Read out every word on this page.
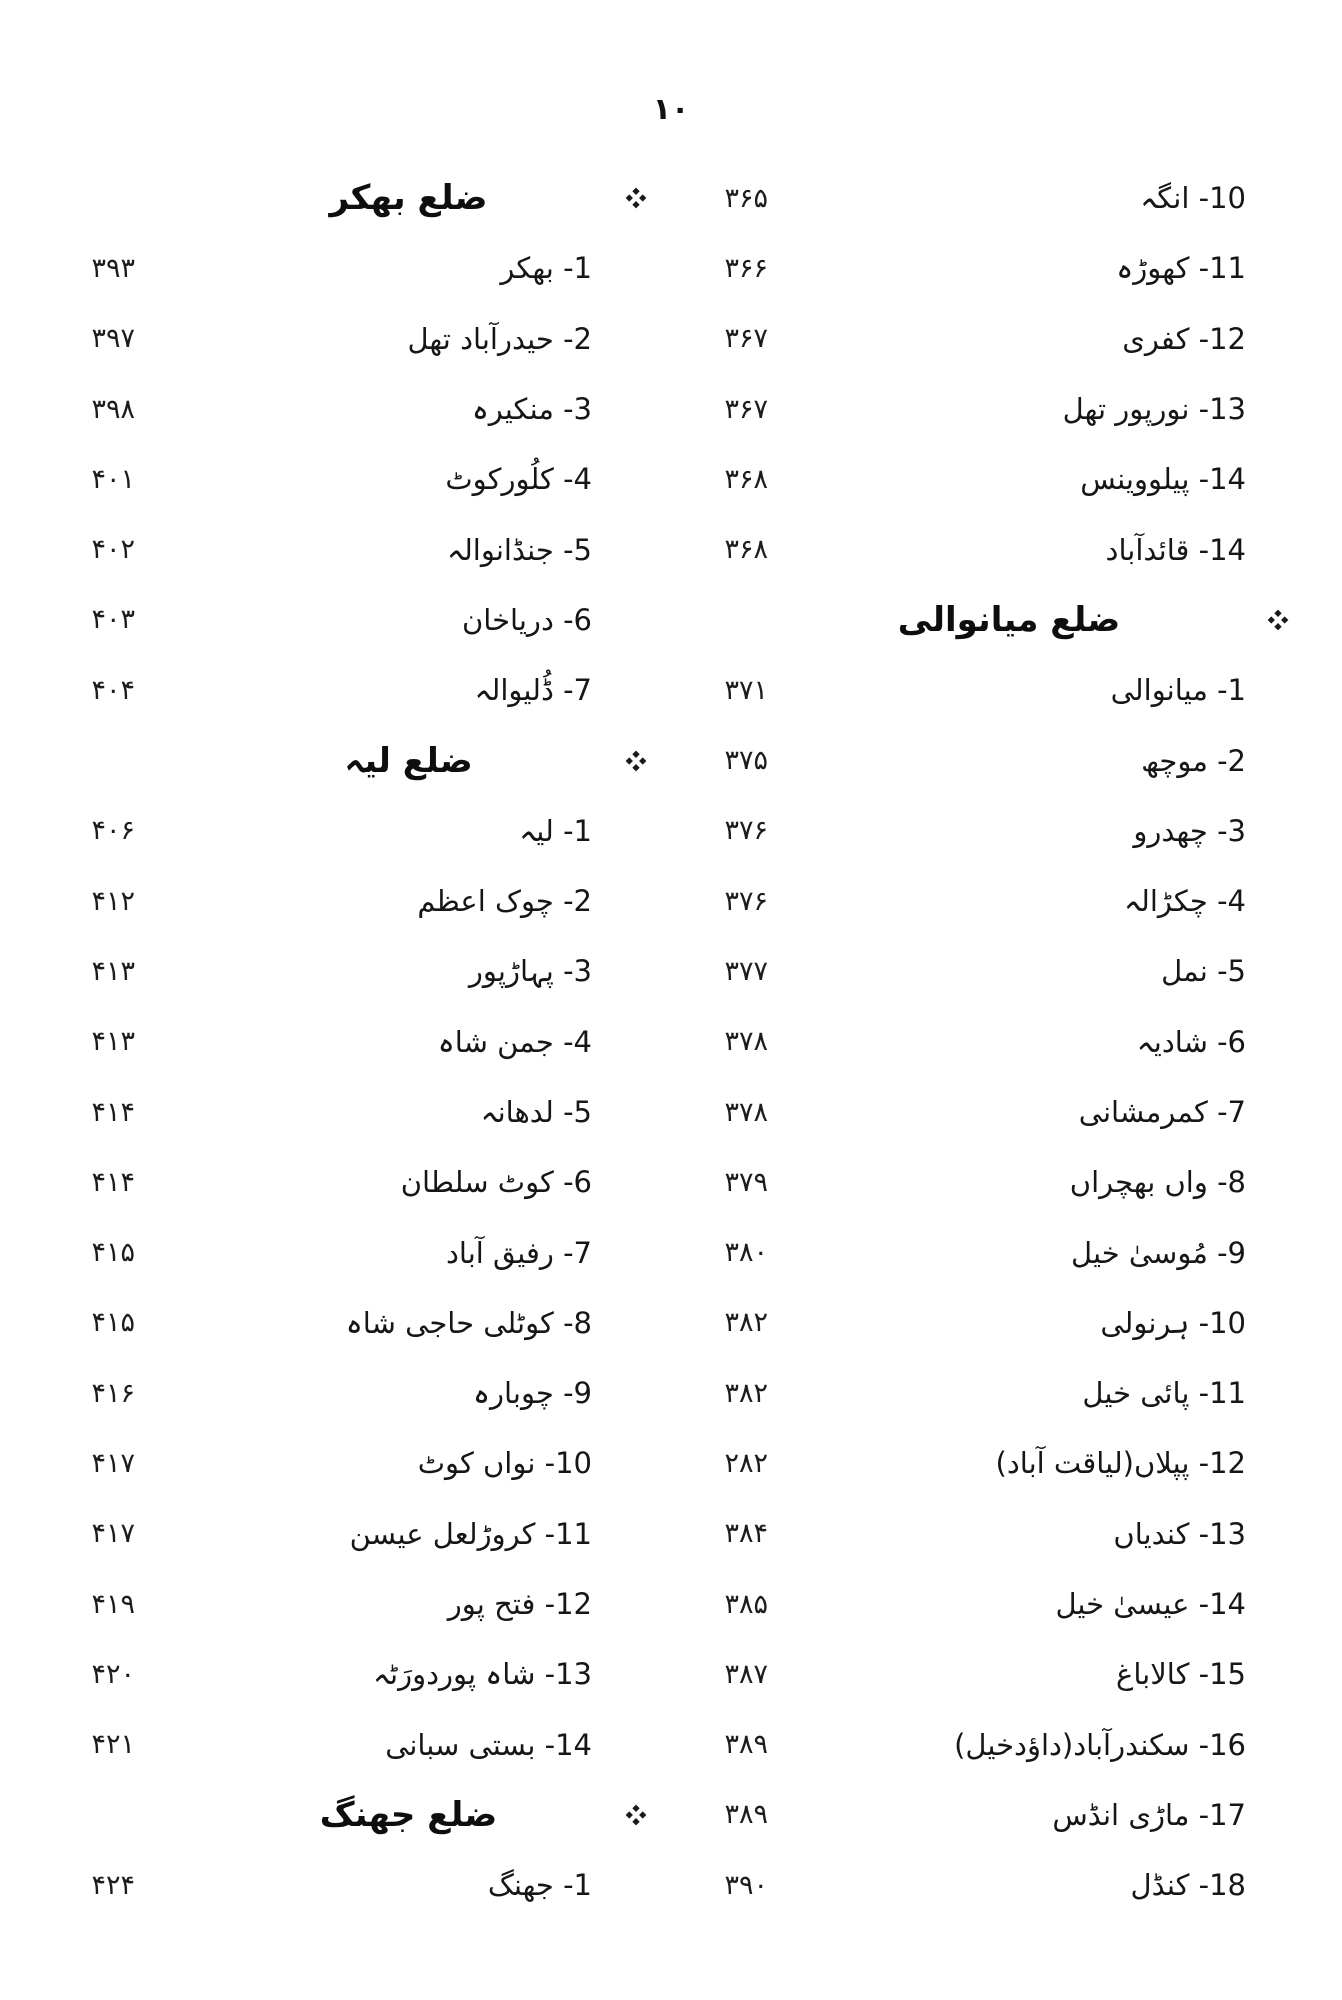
۱۰
ضلع بھکر	۳۶۵	10- انگہ
۳۹۳	1- بھکر	۳۶۶	11- کھوڑہ
۳۹۷	2- حیدرآباد تھل	۳۶۷	12- کفری
۳۹۸	3- منکیرہ	۳۶۷	13- نورپور تھل
۴۰۱	4- کلُورکوٹ	۳۶۸	14- پیلووینس
۴۰۲	5- جنڈانوالہ	۳۶۸	14- قائدآباد
۴۰۳	6- دریاخان	ضلع میانوالی
۴۰۴	7- ڈُلیوالہ	۳۷۱	1- میانوالی
ضلع لیہ	۳۷۵	2- موچھ
۴۰۶	1- لیہ	۳۷۶	3- چھدرو
۴۱۲	2- چوک اعظم	۳۷۶	4- چکڑالہ
۴۱۳	3- پہاڑپور	۳۷۷	5- نمل
۴۱۳	4- جمن شاہ	۳۷۸	6- شادیہ
۴۱۴	5- لدھانہ	۳۷۸	7- کمرمشانی
۴۱۴	6- کوٹ سلطان	۳۷۹	8- واں بھچراں
۴۱۵	7- رفیق آباد	۳۸۰	9- مُوسیٰ خیل
۴۱۵	8- کوٹلی حاجی شاہ	۳۸۲	10- ہرنولی
۴۱۶	9- چوبارہ	۳۸۲	11- پائی خیل
۴۱۷	10- نواں کوٹ	۲۸۲	12- پپلاں(لیاقت آباد)
۴۱۷	11- کروڑلعل عیسن	۳۸۴	13- کندیاں
۴۱۹	12- فتح پور	۳۸۵	14- عیسیٰ خیل
۴۲۰	13- شاہ پوردورَٹہ	۳۸۷	15- کالاباغ
۴۲۱	14- بستی سبانی	۳۸۹	16- سکندرآباد(داؤدخیل)
ضلع جھنگ	۳۸۹	17- ماڑی انڈس
۴۲۴	1- جھنگ	۳۹۰	18- کنڈل
